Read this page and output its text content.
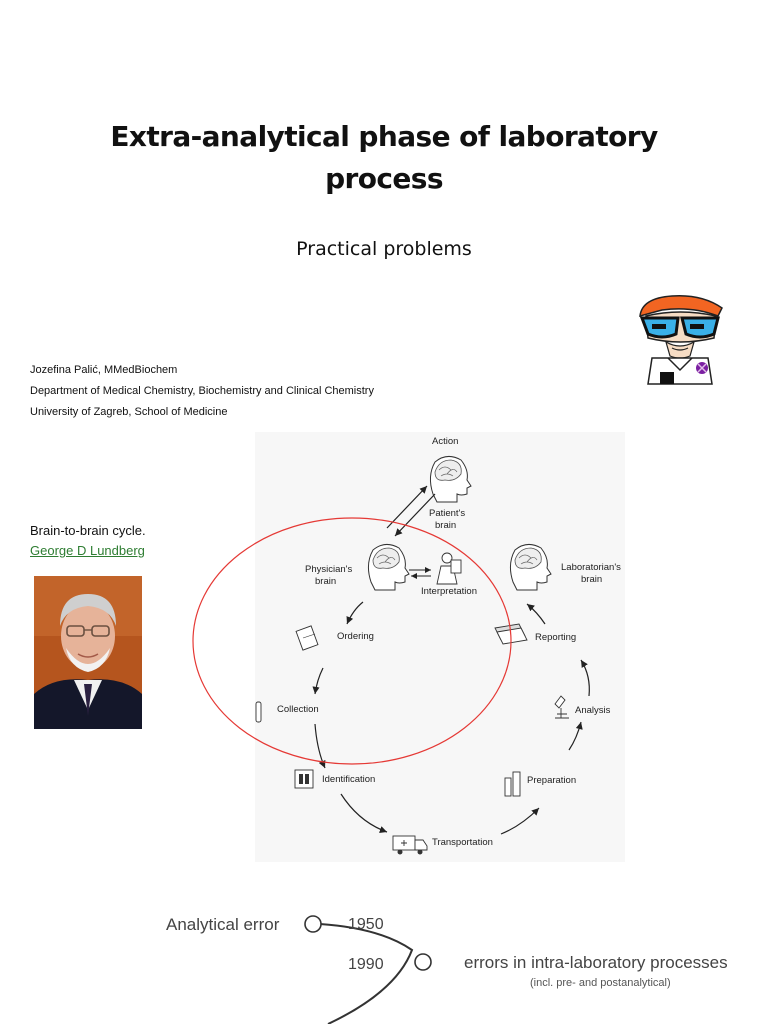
Extra-analytical phase of laboratory process
Practical problems
Jozefina Palić, MMedBiochem
Department of Medical Chemistry, Biochemistry and Clinical Chemistry
University of Zagreb, School of Medicine
Brain-to-brain cycle.
George D Lundberg
Action
Patient's
brain
Physician's
brain
Interpretation
Laboratorian's
brain
Ordering	Reporting
Collection	Analysis
Identification	Preparation
Transportation
Analytical error	1950
1990	errors in intra-laboratory processes
(incl. pre- and postanalytical)
